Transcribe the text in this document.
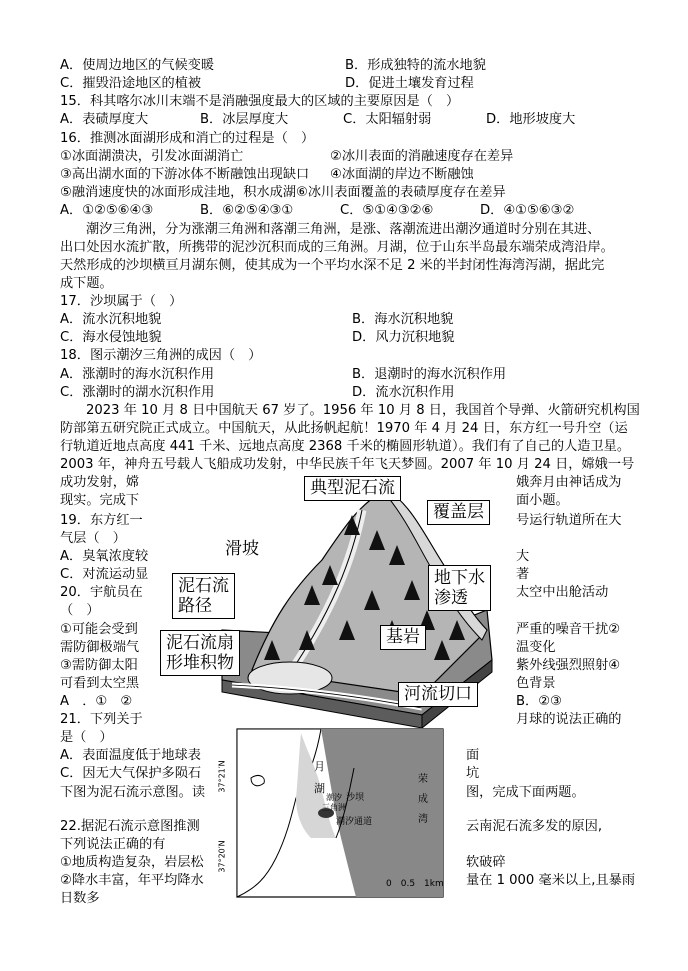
A．使周边地区的气候变暖	B．形成独特的流水地貌
C．摧毁沿途地区的植被	D．促进土壤发育过程
15．科其喀尔冰川末端不是消融强度最大的区域的主要原因是（　）
A．表碛厚度大	B．冰层厚度大	C．太阳辐射弱	D．地形坡度大
16．推测冰面湖形成和消亡的过程是（　）
①冰面湖溃决，引发冰面湖消亡	②冰川表面的消融速度存在差异
③高出湖水面的下游冰体不断融蚀出现缺口 ④冰面湖的岸边不断融蚀
⑤融消速度快的冰面形成洼地，积水成湖⑥冰川表面覆盖的表碛厚度存在差异
A．①②⑤⑥④③	B．⑥②⑤④③①	C．⑤①④③②⑥	D．④①⑤⑥③②
潮汐三角洲，分为涨潮三角洲和落潮三角洲，是涨、落潮流进出潮汐通道时分别在其进、
出口处因水流扩散，所携带的泥沙沉积而成的三角洲。月湖，位于山东半岛最东端荣成湾沿岸。
天然形成的沙坝横亘月湖东侧，使其成为一个平均水深不足 2 米的半封闭性海湾泻湖，据此完
成下题。
17．沙坝属于（　）
A．流水沉积地貌	B．海水沉积地貌
C．海水侵蚀地貌	D．风力沉积地貌
18．图示潮汐三角洲的成因（　）
A．涨潮时的海水沉积作用	B．退潮时的海水沉积作用
C．涨潮时的湖水沉积作用	D．流水沉积作用
2023 年 10 月 8 日中国航天 67 岁了。1956 年 10 月 8 日，我国首个导弹、火箭研究机构国
防部第五研究院正式成立。中国航天，从此扬帆起航！1970 年 4 月 24 日，东方红一号升空（运
行轨道近地点高度 441 千米、远地点高度 2368 千米的椭圆形轨道）。我们有了自己的人造卫星。
2003 年，神舟五号载人飞船成功发射，中华民族千年飞天梦圆。2007 年 10 月 24 日，嫦娥一号
成功发射，嫦	娥奔月由神话成为
现实。完成下	面小题。
19．东方红一	号运行轨道所在大
气层（　）
A．臭氧浓度较	大
C．对流运动显	著
20．宇航员在	太空中出舱活动
（　）
①可能会受到	严重的噪音干扰②
需防御极端气	温变化
③需防御太阳	紫外线强烈照射④
可看到太空黑	色背景
A　．①　②	B．②③
21．下列关于	月球的说法正确的
是（　）
A．表面温度低于地球表	面
C．因无大气保护多陨石	坑
下图为泥石流示意图。读	图，完成下面两题。
22.据泥石流示意图推测	云南泥石流多发的原因,
下列说法正确的有
①地质构造复杂，岩层松	软破碎
②降水丰富，年平均降水	量在 1 000 毫米以上,且暴雨
日数多
典型泥石流
覆盖层
滑坡
泥石流
路径
地下水
渗透
基岩
泥石流扇
形堆积物
河流切口
月
湖
潮汐
三角洲
沙坝
荣
成
湾
潮汐通道
37°21′N
37°20′N
0　0.5　1km
